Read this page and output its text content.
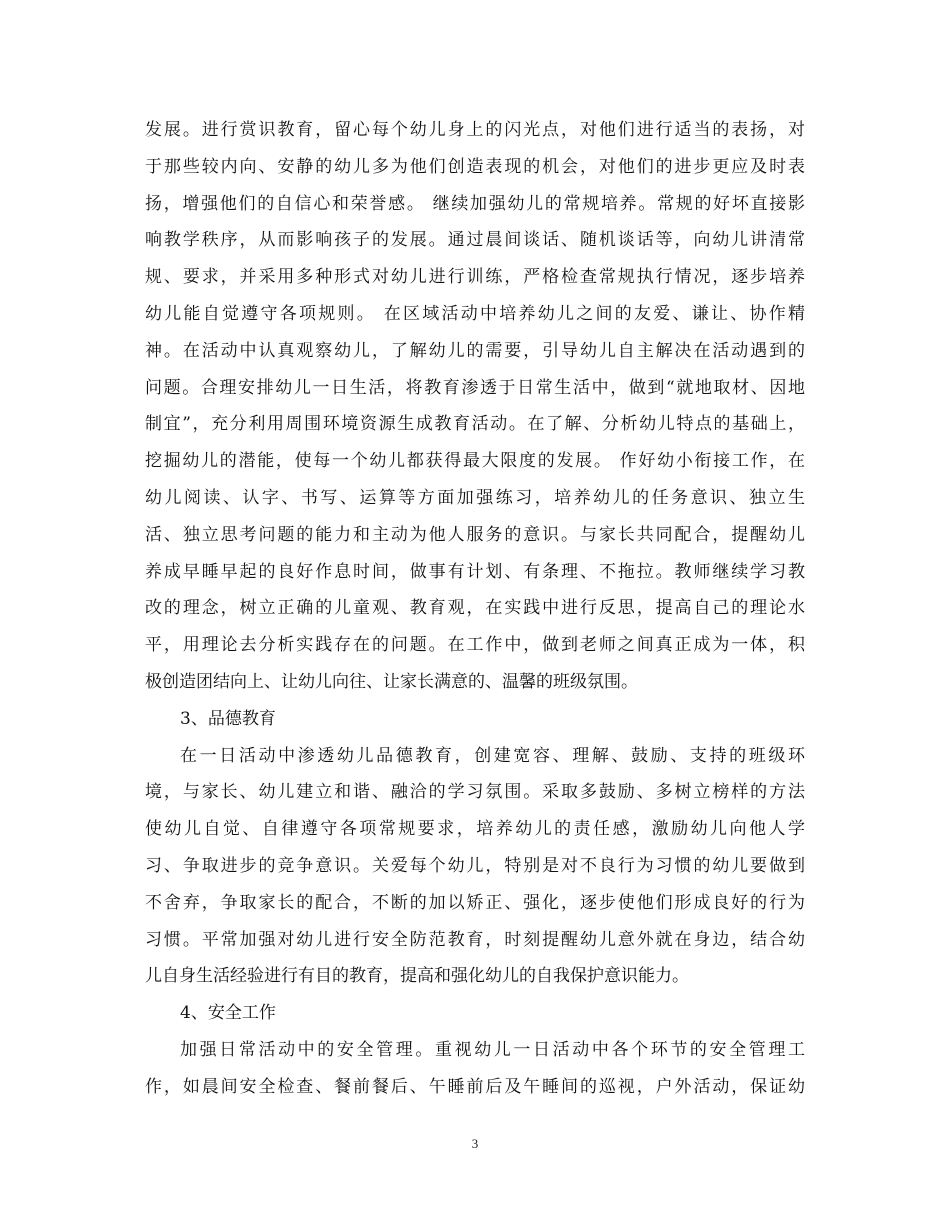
发展。进行赏识教育，留心每个幼儿身上的闪光点，对他们进行适当的表扬，对
于那些较内向、安静的幼儿多为他们创造表现的机会，对他们的进步更应及时表
扬，增强他们的自信心和荣誉感。 继续加强幼儿的常规培养。常规的好坏直接影
响教学秩序，从而影响孩子的发展。通过晨间谈话、随机谈话等，向幼儿讲清常
规、要求，并采用多种形式对幼儿进行训练，严格检查常规执行情况，逐步培养
幼儿能自觉遵守各项规则。 在区域活动中培养幼儿之间的友爱、谦让、协作精
神。在活动中认真观察幼儿，了解幼儿的需要，引导幼儿自主解决在活动遇到的
问题。合理安排幼儿一日生活，将教育渗透于日常生活中，做到“就地取材、因地
制宜”，充分利用周围环境资源生成教育活动。在了解、分析幼儿特点的基础上，
挖掘幼儿的潜能，使每一个幼儿都获得最大限度的发展。 作好幼小衔接工作，在
幼儿阅读、认字、书写、运算等方面加强练习，培养幼儿的任务意识、独立生
活、独立思考问题的能力和主动为他人服务的意识。与家长共同配合，提醒幼儿
养成早睡早起的良好作息时间，做事有计划、有条理、不拖拉。教师继续学习教
改的理念，树立正确的儿童观、教育观，在实践中进行反思，提高自己的理论水
平，用理论去分析实践存在的问题。在工作中，做到老师之间真正成为一体，积
极创造团结向上、让幼儿向往、让家长满意的、温馨的班级氛围。
3、品德教育
在一日活动中渗透幼儿品德教育，创建宽容、理解、鼓励、支持的班级环
境，与家长、幼儿建立和谐、融洽的学习氛围。采取多鼓励、多树立榜样的方法
使幼儿自觉、自律遵守各项常规要求，培养幼儿的责任感，激励幼儿向他人学
习、争取进步的竞争意识。关爱每个幼儿，特别是对不良行为习惯的幼儿要做到
不舍弃，争取家长的配合，不断的加以矫正、强化，逐步使他们形成良好的行为
习惯。平常加强对幼儿进行安全防范教育，时刻提醒幼儿意外就在身边，结合幼
儿自身生活经验进行有目的教育，提高和强化幼儿的自我保护意识能力。
4、安全工作
加强日常活动中的安全管理。重视幼儿一日活动中各个环节的安全管理工
作，如晨间安全检查、餐前餐后、午睡前后及午睡间的巡视，户外活动，保证幼
3
